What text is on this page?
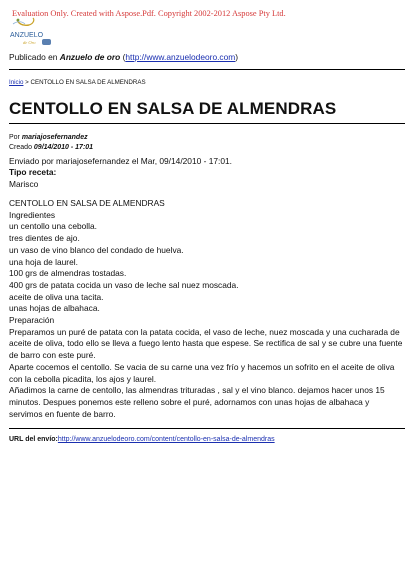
Evaluation Only. Created with Aspose.Pdf. Copyright 2002-2012 Aspose Pty Ltd.
ANZUELO
de Oro
Publicado en Anzuelo de oro (http://www.anzuelodeoro.com)
Inicio > CENTOLLO EN SALSA DE ALMENDRAS
CENTOLLO EN SALSA DE ALMENDRAS
Por mariajosefernandez
Creado 09/14/2010 - 17:01
Enviado por mariajosefernandez el Mar, 09/14/2010 - 17:01.
Tipo receta:
Marisco
CENTOLLO EN SALSA DE ALMENDRAS
Ingredientes
un centollo una cebolla.
tres dientes de ajo.
un vaso de vino blanco del condado de huelva.
una hoja de laurel.
100 grs de almendras tostadas.
400 grs de patata cocida un vaso de leche sal nuez moscada.
aceite de oliva una tacita.
unas hojas de albahaca.
Preparación
Preparamos un puré de patata con la patata cocida, el vaso de leche, nuez moscada y una cucharada de aceite de oliva, todo ello se lleva a fuego lento hasta que espese. Se rectifica de sal y se cubre una fuente de barro con este puré.
Aparte cocemos el centollo. Se vacia de su carne una vez frío y hacemos un sofrito en el aceite de oliva con la cebolla picadita, los ajos y laurel.
Añadimos la carne de centollo, las almendras trituradas , sal y el vino blanco. dejamos hacer unos 15 minutos. Despues ponemos este relleno sobre el puré, adornamos con unas hojas de albahaca y servimos en fuente de barro.
URL del envío:http://www.anzuelodeoro.com/content/centollo-en-salsa-de-almendras
